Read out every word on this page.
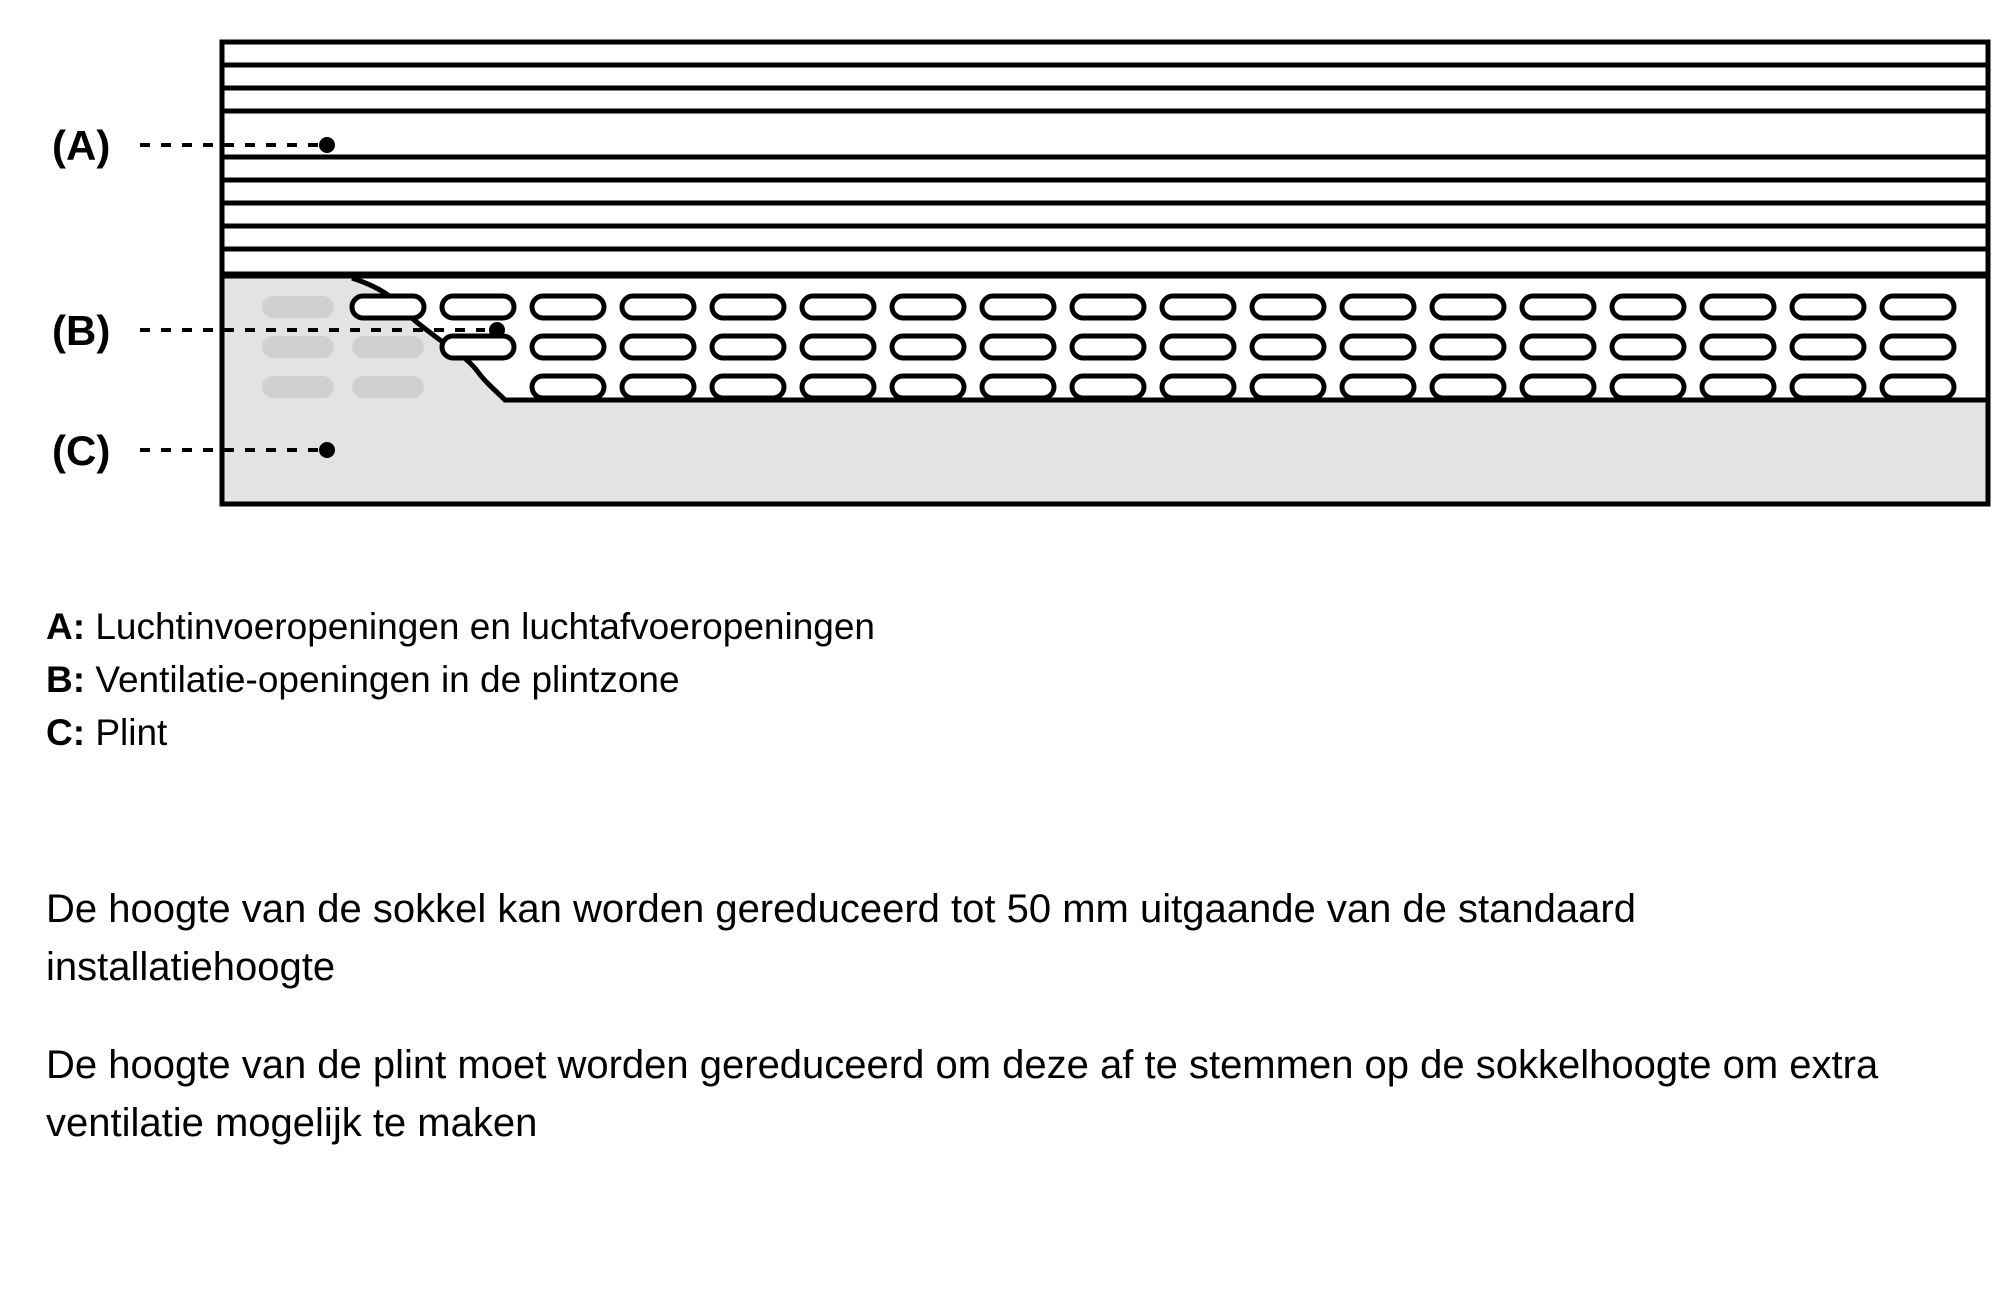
(A)
(B)
(C)
A: Luchtinvoeropeningen en luchtafvoeropeningen
B: Ventilatie-openingen in de plintzone
C: Plint

De hoogte van de sokkel kan worden gereduceerd tot 50 mm uitgaande van de standaard installatiehoogte

De hoogte van de plint moet worden gereduceerd om deze af te stemmen op de sokkelhoogte om extra ventilatie mogelijk te maken
